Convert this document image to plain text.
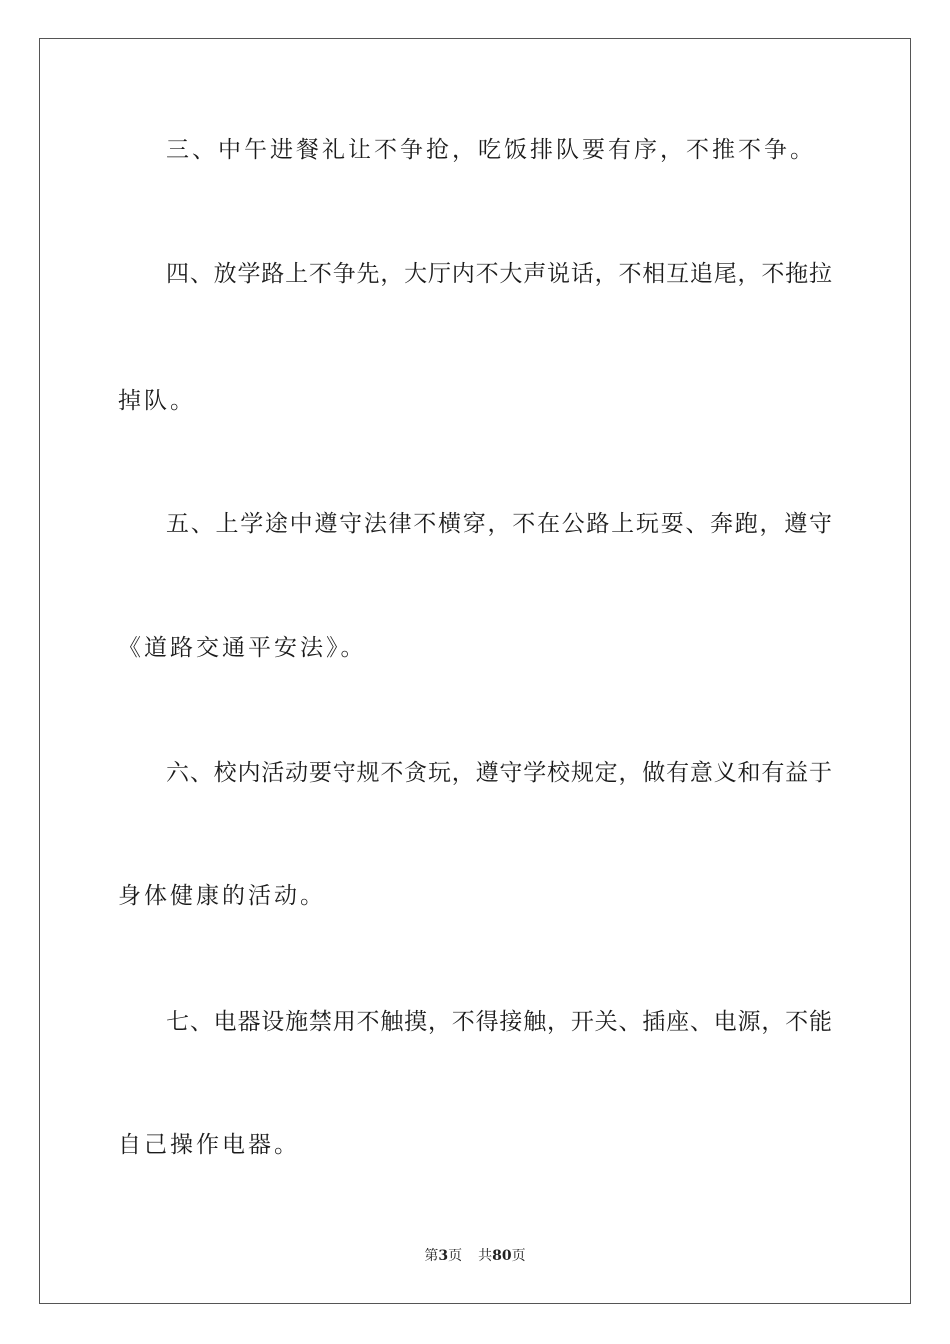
三、中午进餐礼让不争抢，吃饭排队要有序，不推不争。
四、放学路上不争先，大厅内不大声说话，不相互追尾，不拖拉
掉队。
五、上学途中遵守法律不横穿，不在公路上玩耍、奔跑，遵守
《道路交通平安法》。
六、校内活动要守规不贪玩，遵守学校规定，做有意义和有益于
身体健康的活动。
七、电器设施禁用不触摸，不得接触，开关、插座、电源，不能
自己操作电器。
第3页 共80页
